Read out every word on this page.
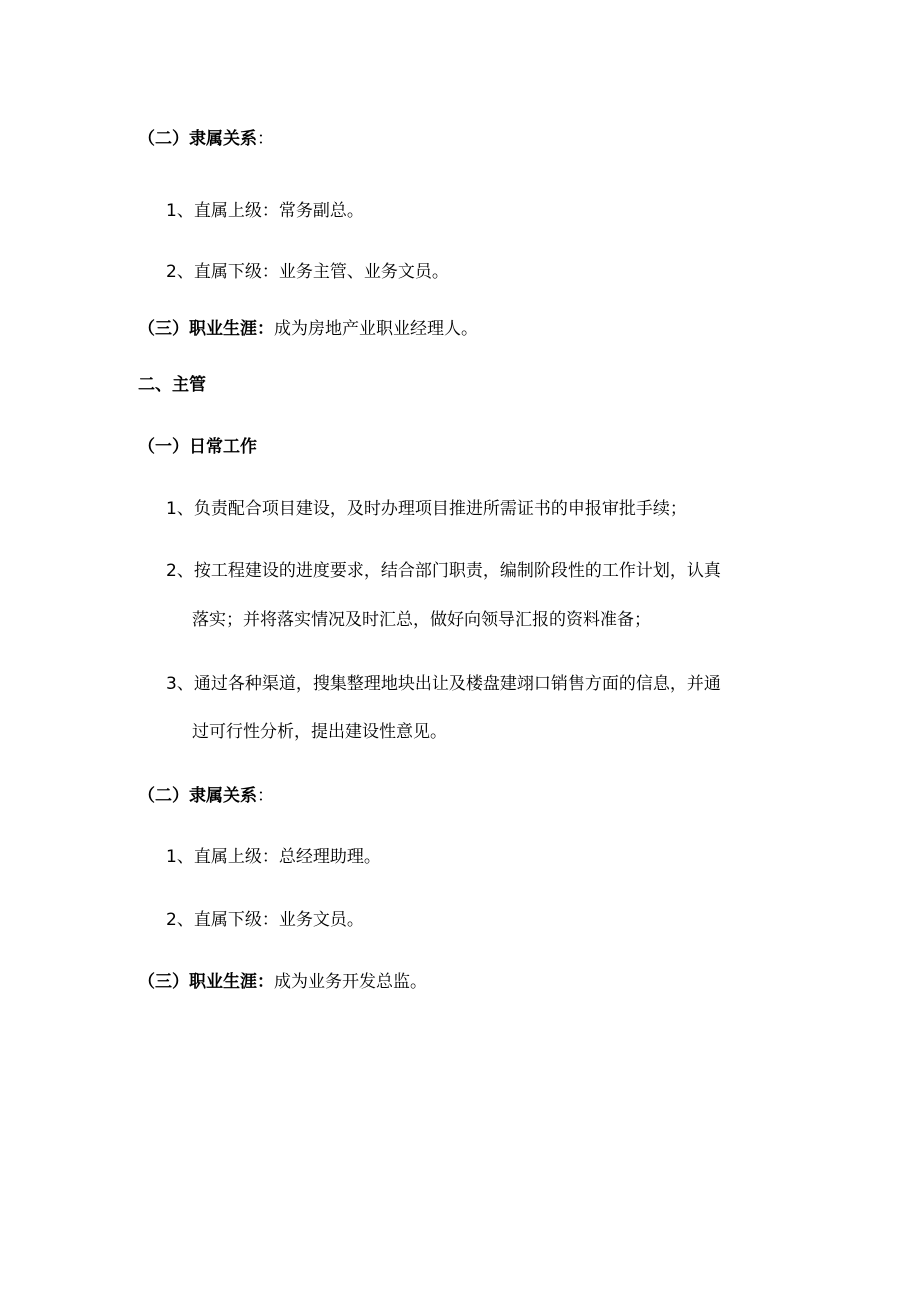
（二）隶属关系：
1、直属上级：常务副总。
2、直属下级：业务主管、业务文员。
（三）职业生涯：成为房地产业职业经理人。
二、主管
（一）日常工作
1、负责配合项目建设，及时办理项目推进所需证书的申报审批手续；
2、按工程建设的进度要求，结合部门职责，编制阶段性的工作计划，认真
落实；并将落实情况及时汇总，做好向领导汇报的资料准备；
3、通过各种渠道，搜集整理地块出让及楼盘建翊口销售方面的信息，并通
过可行性分析，提出建设性意见。
（二）隶属关系：
1、直属上级：总经理助理。
2、直属下级：业务文员。
（三）职业生涯：成为业务开发总监。
